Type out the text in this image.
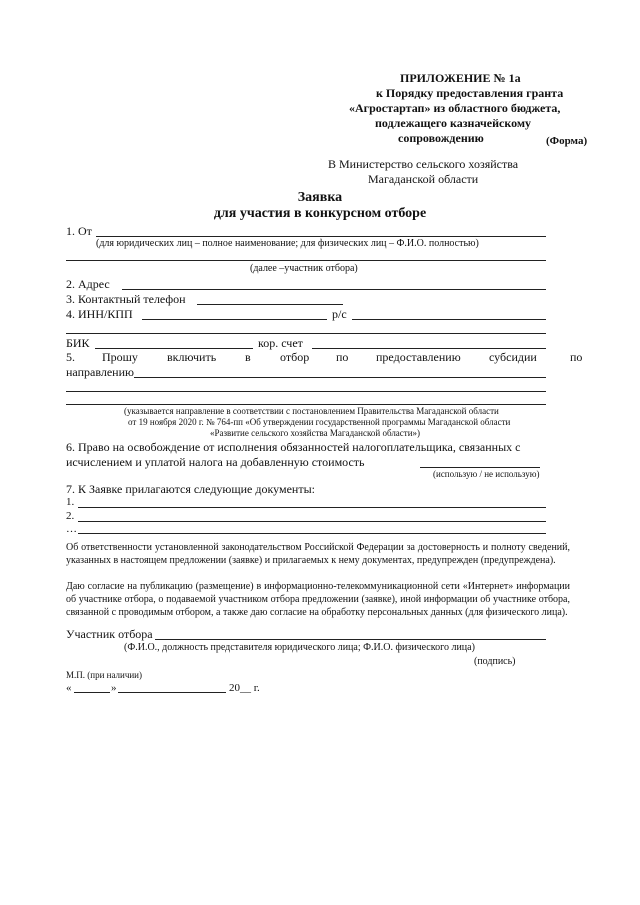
ПРИЛОЖЕНИЕ № 1а
к Порядку предоставления гранта
«Агростартап» из областного бюджета,
подлежащего казначейскому
сопровождению	(Форма)
В Министерство сельского хозяйства
Магаданской области
Заявка
для участия в конкурсном отборе
1. От
(для юридических лиц – полное наименование; для физических лиц – Ф.И.О. полностью)
(далее –участник отбора)
2. Адрес
3. Контактный телефон
4. ИНН/КПП	р/с
БИК	кор. счет
5. Прошу включить в отбор по предоставлению субсидии	по
направлению
(указывается направление в соответствии с постановлением Правительства Магаданской области
от 19 ноября 2020 г. № 764-пп «Об утверждении государственной программы Магаданской области
«Развитие сельского хозяйства Магаданской области»)
6. Право на освобождение от исполнения обязанностей налогоплательщика, связанных с
исчислением и уплатой налога на добавленную стоимость
(использую / не использую)
7. К Заявке прилагаются следующие документы:
1.
2.
…
Об ответственности установленной законодательством Российской Федерации за достоверность и полноту сведений, указанных в настоящем предложении (заявке) и прилагаемых к нему документах, предупрежден (предупреждена).
Даю согласие на публикацию (размещение) в информационно-телекоммуникационной сети «Интернет» информации об участнике отбора, о подаваемой участником отбора предложении (заявке), иной информации об участнике отбора, связанной с проводимым отбором, а также даю согласие на обработку персональных данных (для физического лица).
Участник отбора
(Ф.И.О., должность представителя юридического лица; Ф.И.О. физического лица)
(подпись)
М.П. (при наличии)
«	»	20__ г.
